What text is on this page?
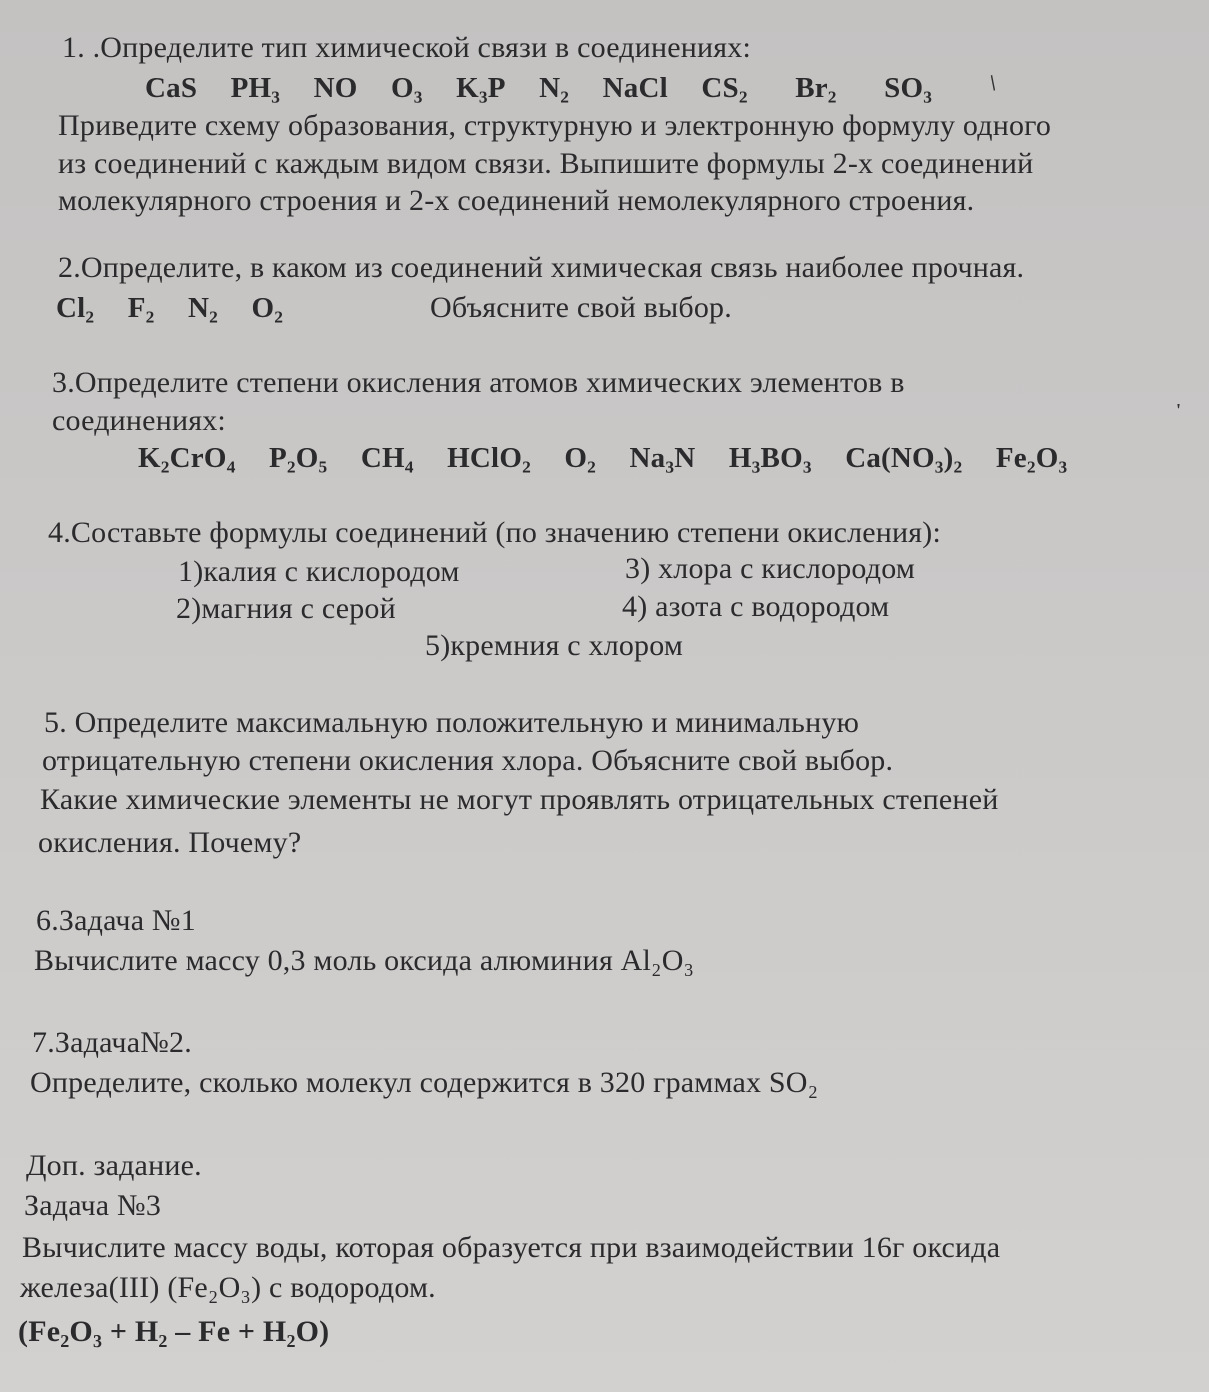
1. .Определите тип химической связи в соединениях:
CaS PH₃ NO O₃ K₃P N₂ NaCl CS₂ Br₂ SO₃	/
Приведите схему образования, структурную и электронную формулу одного
из соединений с каждым видом связи. Выпишите формулы 2-х соединений
молекулярного строения и 2-х соединений немолекулярного строения.
2.Определите, в каком из соединений химическая связь наиболее прочная.
Cl₂ F₂ N₂ O₂	Объясните свой выбор.
3.Определите степени окисления атомов химических элементов в
соединениях:
K₂CrO₄ P₂O₅ CH₄ HClO₂ O₂ Na₃N H₃BO₃ Ca(NO₃)₂ Fe₂O₃
'
4.Составьте формулы соединений (по значению степени окисления):
1)калия с кислородом	3) хлора с кислородом
2)магния с серой	4) азота с водородом
5)кремния с хлором
5. Определите максимальную положительную и минимальную
отрицательную степени окисления хлора. Объясните свой выбор.
Какие химические элементы не могут проявлять отрицательных степеней
окисления. Почему?
6.Задача №1
Вычислите массу 0,3 моль оксида алюминия Al₂O₃
7.Задача№2.
Определите, сколько молекул содержится в 320 граммах SO₂
Доп. задание.
Задача №3
Вычислите массу воды, которая образуется при взаимодействии 16г оксида
железа(III) (Fe₂O₃) с водородом.
(Fe₂O₃ + H₂ – Fe + H₂O)
